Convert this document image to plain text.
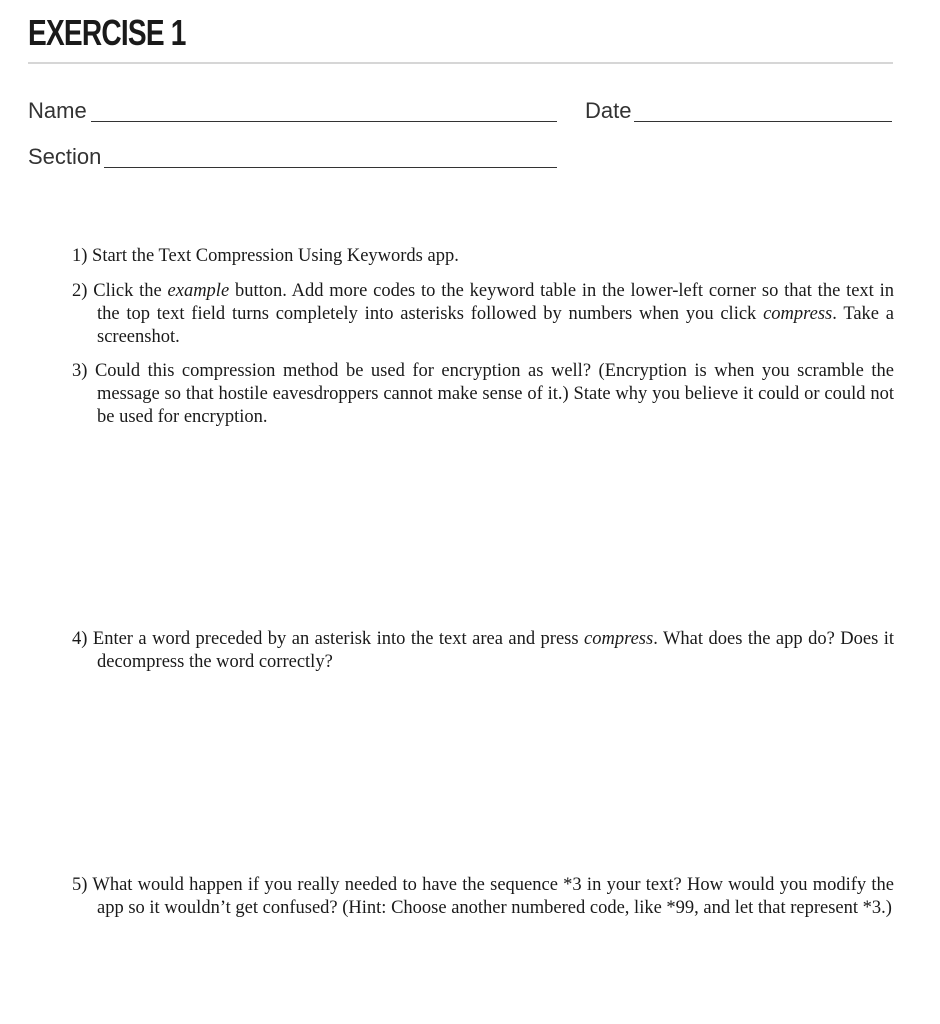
EXERCISE 1
Name	Date
Section

1) Start the Text Compression Using Keywords app.

2) Click the example button. Add more codes to the keyword table in the lower-left corner so that the text in the top text field turns completely into asterisks followed by numbers when you click compress. Take a screenshot.

3) Could this compression method be used for encryption as well? (Encryption is when you scramble the message so that hostile eavesdroppers cannot make sense of it.) State why you believe it could or could not be used for encryption.

4) Enter a word preceded by an asterisk into the text area and press compress. What does the app do? Does it decompress the word correctly?

5) What would happen if you really needed to have the sequence *3 in your text? How would you modify the app so it wouldn’t get confused? (Hint: Choose another numbered code, like *99, and let that represent *3.)
